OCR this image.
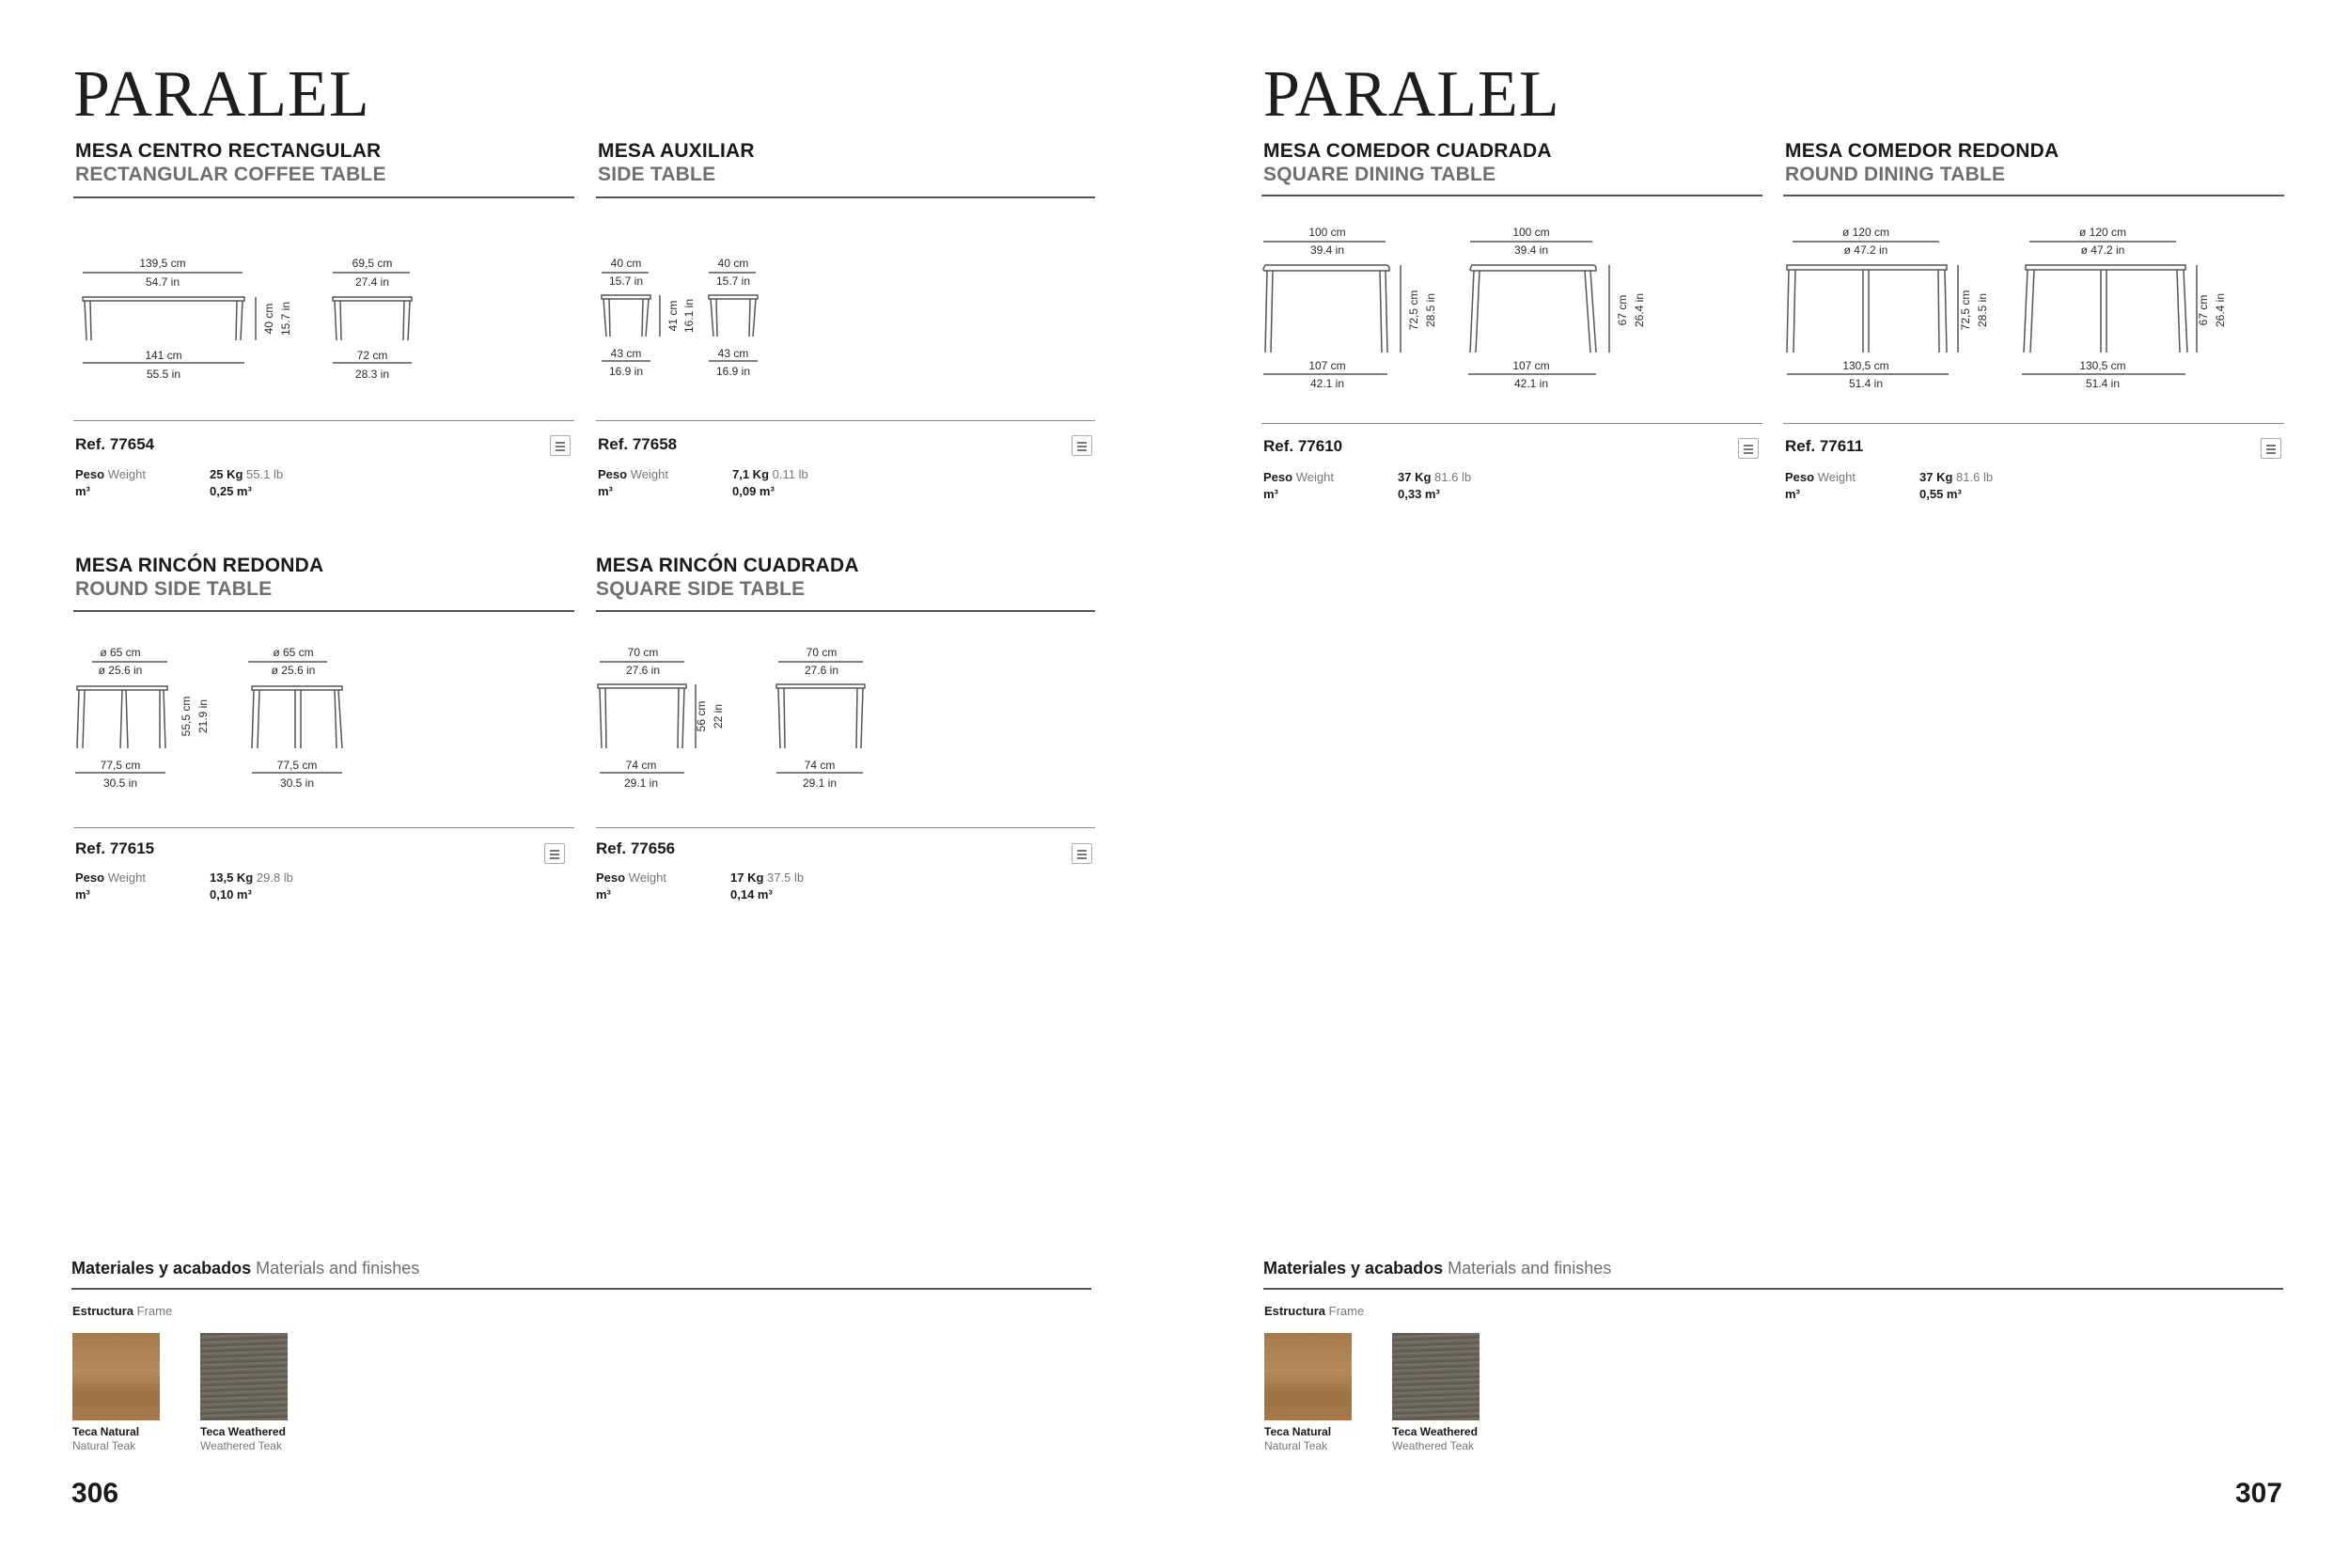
PARALEL
MESA CENTRO RECTANGULAR
RECTANGULAR COFFEE TABLE
139,5 cm
54.7 in
69,5 cm
27.4 in
40 cm 15.7 in
141 cm
55.5 in
72 cm
28.3 in
Ref. 77654
Peso Weight	25 Kg 55.1 lb
m³	0,25 m³
MESA AUXILIAR
SIDE TABLE
40 cm
15.7 in
40 cm
15.7 in
41 cm 16.1 in
43 cm
16.9 in
43 cm
16.9 in
Ref. 77658
Peso Weight	7,1 Kg 0.11 lb
m³	0,09 m³
MESA RINCÓN REDONDA
ROUND SIDE TABLE
ø 65 cm
ø 25.6 in
ø 65 cm
ø 25.6 in
55,5 cm 21.9 in
77,5 cm
30.5 in
77,5 cm
30.5 in
Ref. 77615
Peso Weight	13,5 Kg 29.8 lb
m³	0,10 m³
MESA RINCÓN CUADRADA
SQUARE SIDE TABLE
70 cm
27.6 in
70 cm
27.6 in
56 cm 22 in
74 cm
29.1 in
74 cm
29.1 in
Ref. 77656
Peso Weight	17 Kg 37.5 lb
m³	0,14 m³
Materiales y acabados Materials and finishes
Estructura Frame
Teca Natural
Natural Teak
Teca Weathered
Weathered Teak
306
PARALEL
MESA COMEDOR CUADRADA
SQUARE DINING TABLE
100 cm
39.4 in
100 cm
39.4 in
72,5 cm 28.5 in	67 cm 26.4 in
107 cm
42.1 in
107 cm
42.1 in
Ref. 77610
Peso Weight	37 Kg 81.6 lb
m³	0,33 m³
MESA COMEDOR REDONDA
ROUND DINING TABLE
ø 120 cm
ø 47.2 in
ø 120 cm
ø 47.2 in
72,5 cm 28.5 in	67 cm 26.4 in
130,5 cm
51.4 in
130,5 cm
51.4 in
Ref. 77611
Peso Weight	37 Kg 81.6 lb
m³	0,55 m³
Materiales y acabados Materials and finishes
Estructura Frame
Teca Natural
Natural Teak
Teca Weathered
Weathered Teak
307
